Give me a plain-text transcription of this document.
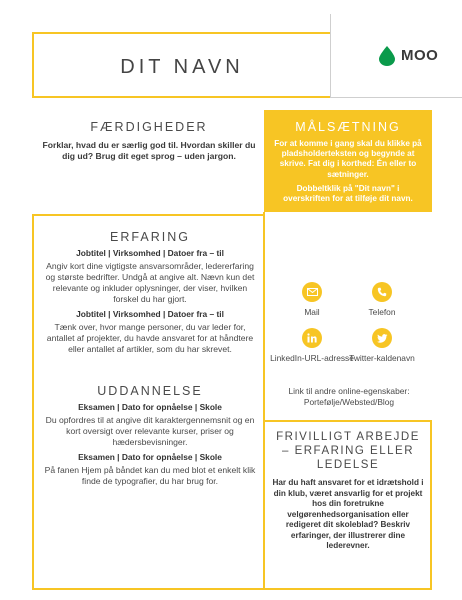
DIT NAVN	MOO
FÆRDIGHEDER

Forklar, hvad du er særlig god til. Hvordan skiller du dig ud? Brug dit eget sprog – uden jargon.

MÅLSÆTNING

For at komme i gang skal du klikke på pladsholderteksten og begynde at skrive. Fat dig i korthed: Én eller to sætninger.

Dobbeltklik på "Dit navn" i overskriften for at tilføje dit navn.

ERFARING

Jobtitel | Virksomhed | Datoer fra – til

Angiv kort dine vigtigste ansvarsområder, ledererfaring og største bedrifter. Undgå at angive alt. Nævn kun det relevante og inkluder oplysninger, der viser, hvilken forskel du har gjort.

Jobtitel | Virksomhed | Datoer fra – til

Tænk over, hvor mange personer, du var leder for, antallet af projekter, du havde ansvaret for at håndtere eller antallet af artikler, som du har skrevet.

UDDANNELSE

Eksamen | Dato for opnåelse | Skole

Du opfordres til at angive dit karaktergennemsnit og en kort oversigt over relevante kurser, priser og hædersbevisninger.

Eksamen | Dato for opnåelse | Skole

På fanen Hjem på båndet kan du med blot et enkelt klik finde de typografier, du har brug for.

Mail	Telefon
LinkedIn-URL-adresse
Twitter-kaldenavn
Link til andre online-egenskaber: Portefølje/Websted/Blog
FRIVILLIGT ARBEJDE – ERFARING ELLER LEDELSE

Har du haft ansvaret for et idrætshold i din klub, været ansvarlig for et projekt hos din foretrukne velgørenhedsorganisation eller redigeret dit skoleblad? Beskriv erfaringer, der illustrerer dine lederevner.
